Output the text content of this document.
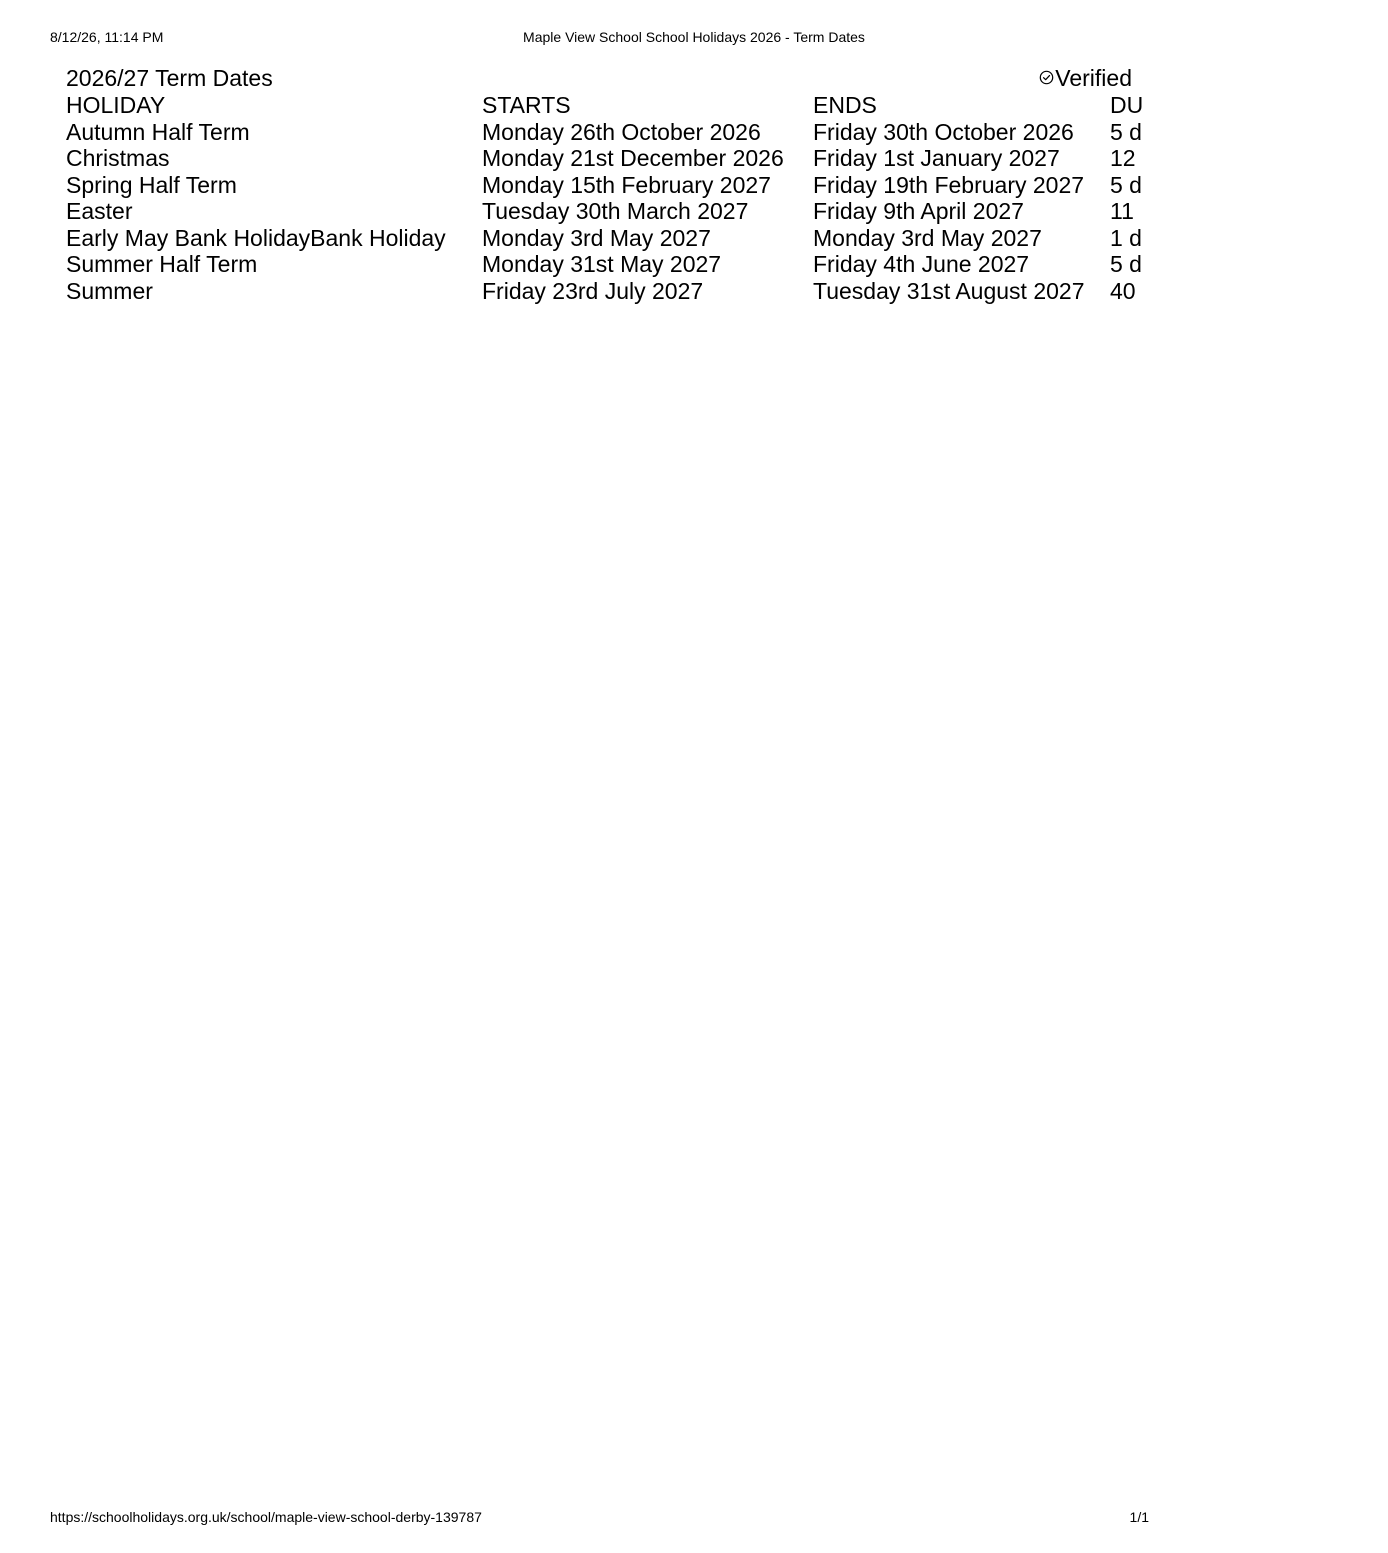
8/12/26, 11:14 PM	Maple View School School Holidays 2026 - Term Dates
2026/27 Term Dates	Verified
HOLIDAY	STARTS	ENDS	DU
Autumn Half Term	Monday 26th October 2026	Friday 30th October 2026	5 d
Christmas	Monday 21st December 2026	Friday 1st January 2027	12
Spring Half Term	Monday 15th February 2027	Friday 19th February 2027	5 d
Easter	Tuesday 30th March 2027	Friday 9th April 2027	11
Early May Bank HolidayBank Holiday	Monday 3rd May 2027	Monday 3rd May 2027	1 d
Summer Half Term	Monday 31st May 2027	Friday 4th June 2027	5 d
Summer	Friday 23rd July 2027	Tuesday 31st August 2027	40
https://schoolholidays.org.uk/school/maple-view-school-derby-139787	1/1
